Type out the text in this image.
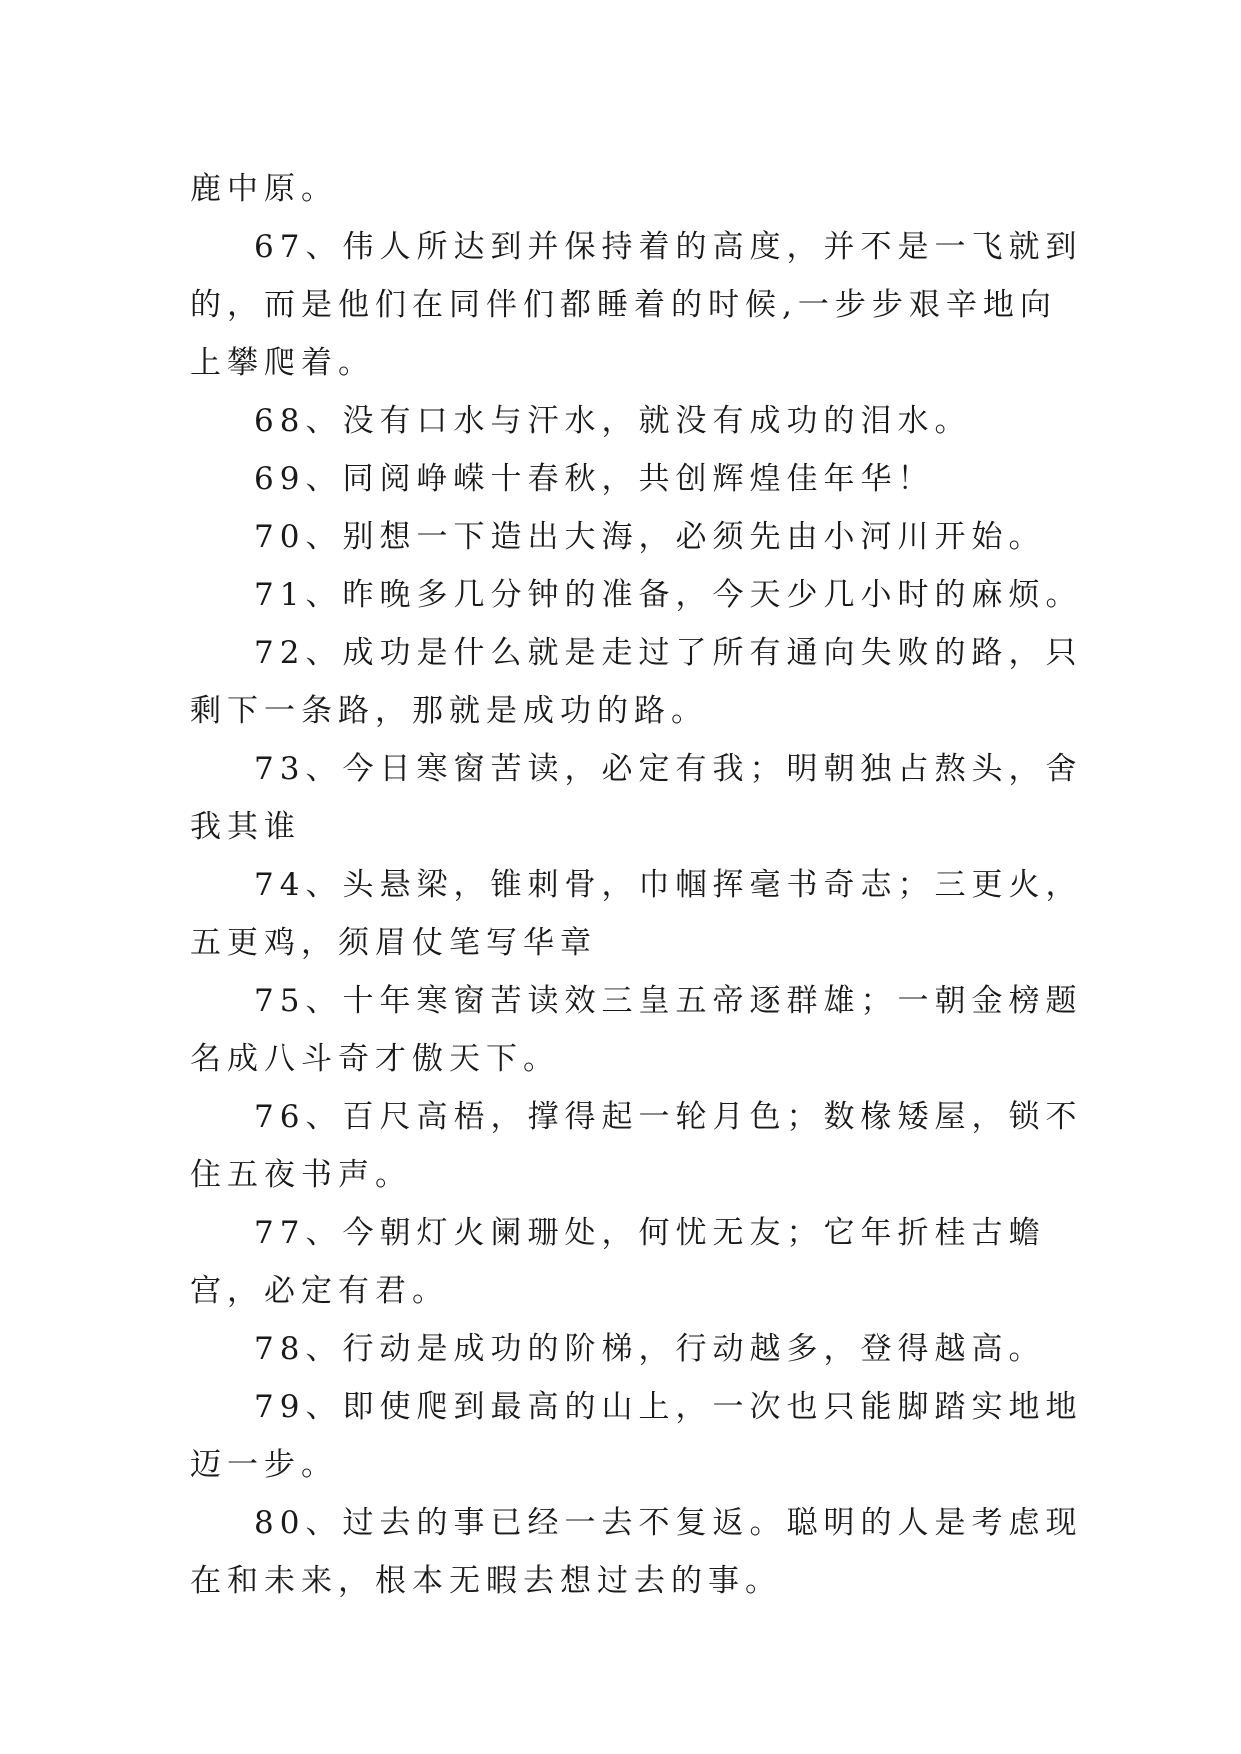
鹿中原。

67、伟人所达到并保持着的高度，并不是一飞就到的，而是他们在同伴们都睡着的时候,一步步艰辛地向上攀爬着。

68、没有口水与汗水，就没有成功的泪水。

69、同阅峥嵘十春秋，共创辉煌佳年华！

70、别想一下造出大海，必须先由小河川开始。

71、昨晚多几分钟的准备，今天少几小时的麻烦。

72、成功是什么就是走过了所有通向失败的路，只剩下一条路，那就是成功的路。

73、今日寒窗苦读，必定有我；明朝独占熬头，舍我其谁

74、头悬梁，锥刺骨，巾帼挥毫书奇志；三更火，五更鸡，须眉仗笔写华章

75、十年寒窗苦读效三皇五帝逐群雄；一朝金榜题名成八斗奇才傲天下。

76、百尺高梧，撑得起一轮月色；数椽矮屋，锁不住五夜书声。

77、今朝灯火阑珊处，何忧无友；它年折桂古蟾宫，必定有君。

78、行动是成功的阶梯，行动越多，登得越高。

79、即使爬到最高的山上，一次也只能脚踏实地地迈一步。

80、过去的事已经一去不复返。聪明的人是考虑现在和未来，根本无暇去想过去的事。
